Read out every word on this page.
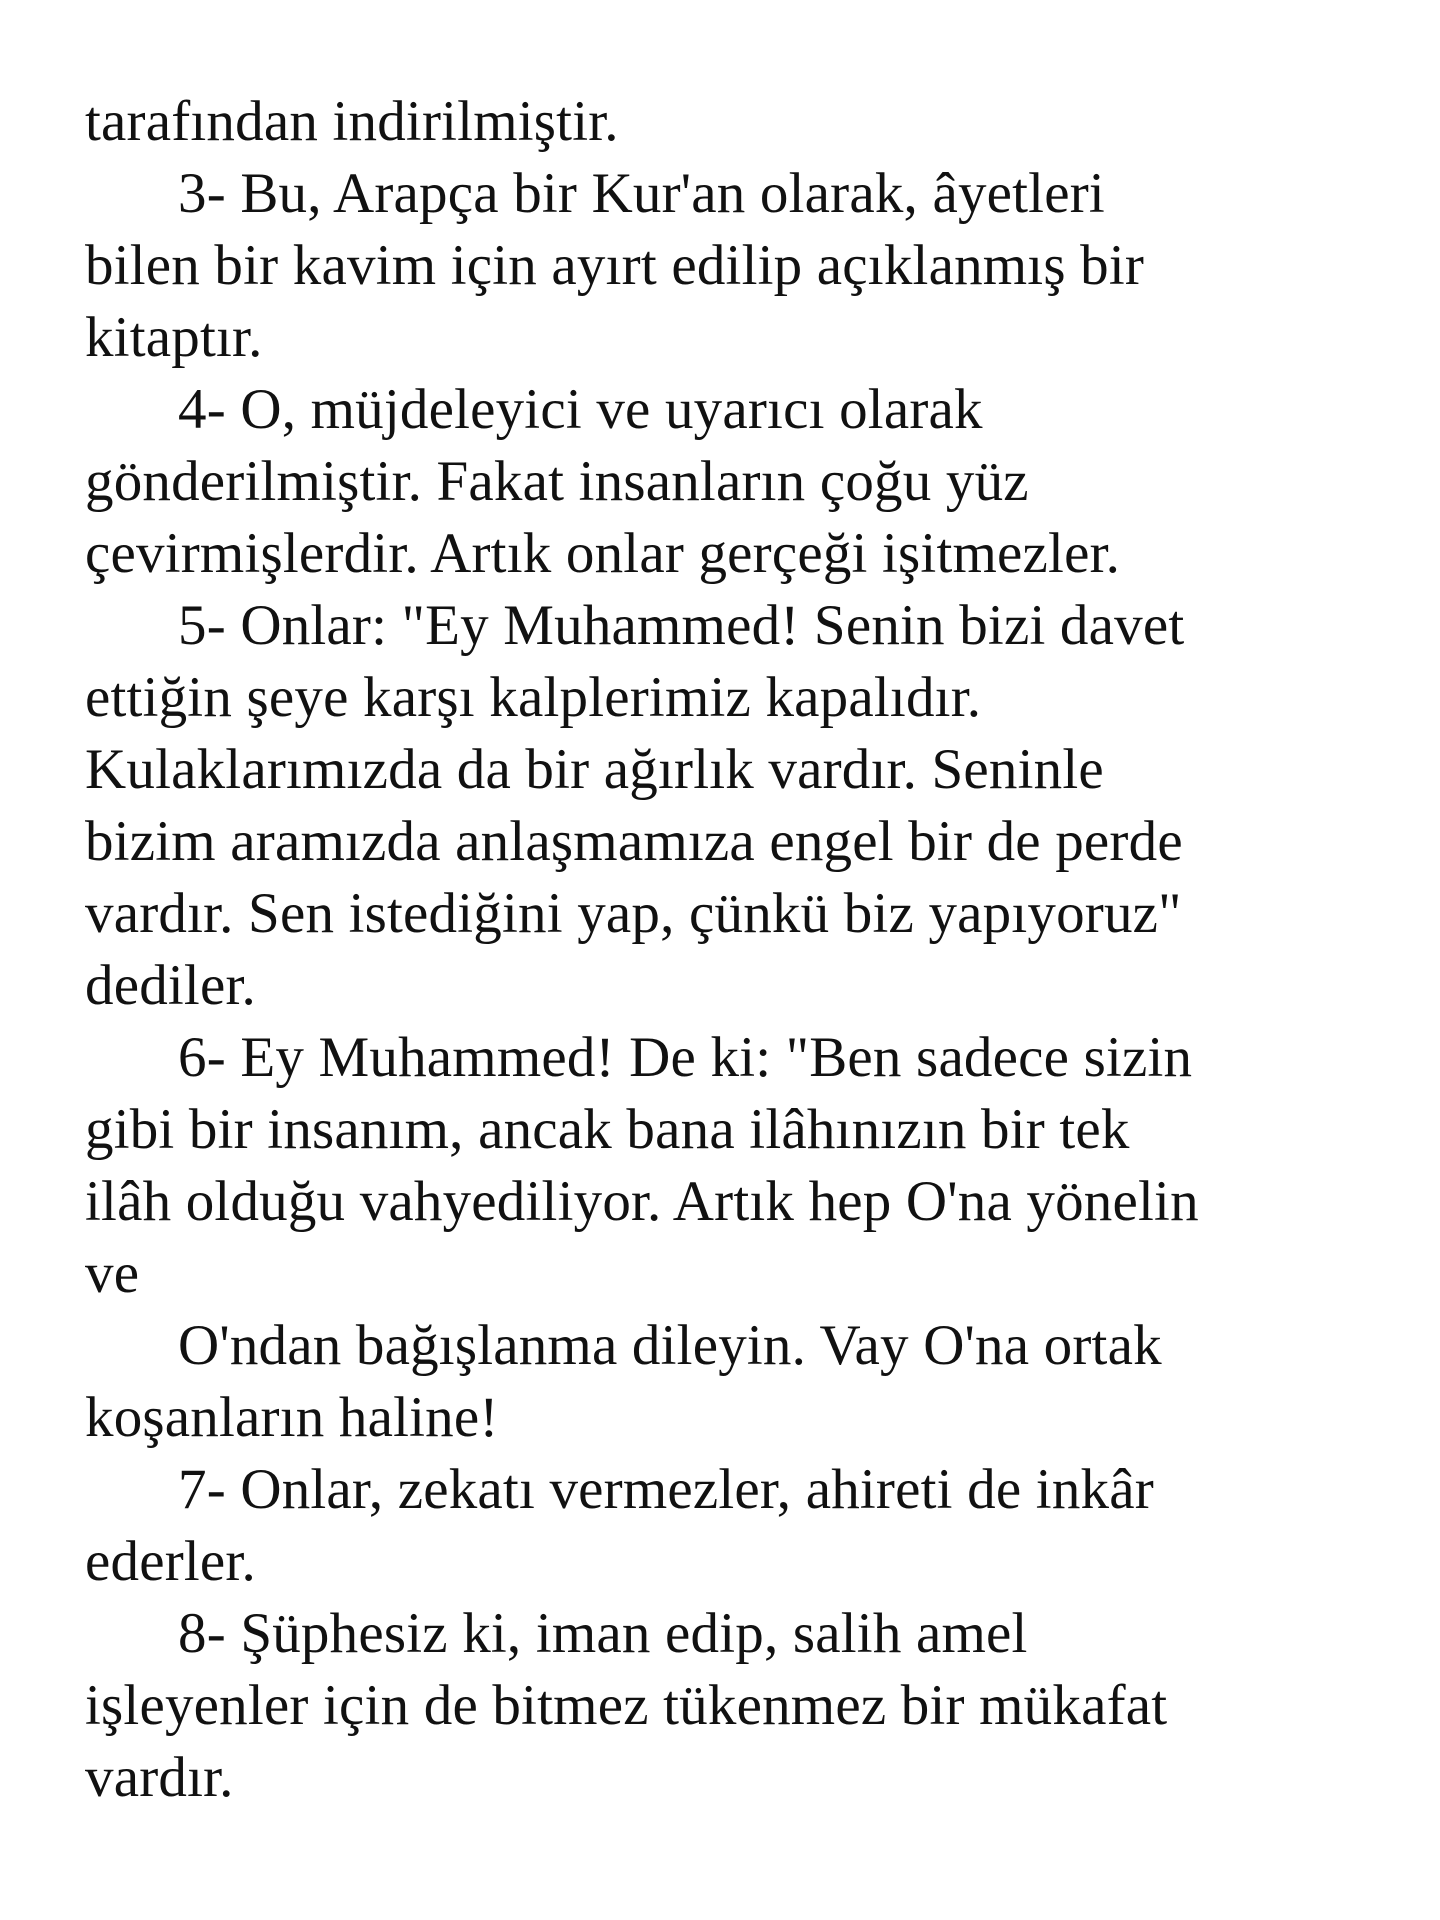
tarafından indirilmiştir.
3- Bu, Arapça bir Kur'an olarak, âyetleri
bilen bir kavim için ayırt edilip açıklanmış bir
kitaptır.
4- O, müjdeleyici ve uyarıcı olarak
gönderilmiştir. Fakat insanların çoğu yüz
çevirmişlerdir. Artık onlar gerçeği işitmezler.
5- Onlar: "Ey Muhammed! Senin bizi davet
ettiğin şeye karşı kalplerimiz kapalıdır.
Kulaklarımızda da bir ağırlık vardır. Seninle
bizim aramızda anlaşmamıza engel bir de perde
vardır. Sen istediğini yap, çünkü biz yapıyoruz"
dediler.
6- Ey Muhammed! De ki: "Ben sadece sizin
gibi bir insanım, ancak bana ilâhınızın bir tek
ilâh olduğu vahyediliyor. Artık hep O'na yönelin
ve
O'ndan bağışlanma dileyin. Vay O'na ortak
koşanların haline!
7- Onlar, zekatı vermezler, ahireti de inkâr
ederler.
8- Şüphesiz ki, iman edip, salih amel
işleyenler için de bitmez tükenmez bir mükafat
vardır.
